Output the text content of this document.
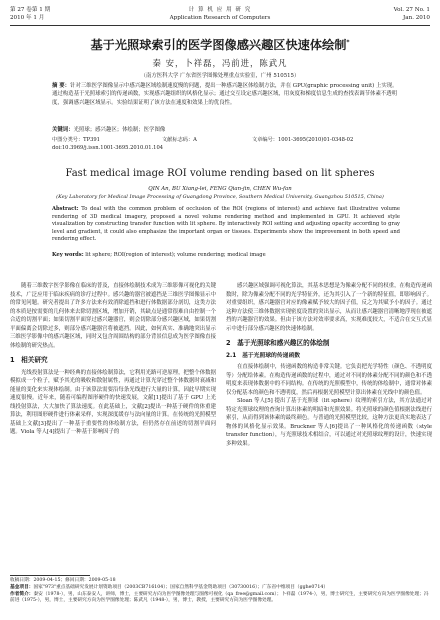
第 27 卷第 1 期
2010 年 1 月
计 算 机 应 用 研 究
Application Research of Computers
Vol. 27 No. 1
Jan. 2010
基于光照球索引的医学图像感兴趣区快速体绘制*
秦 安，卜祥磊，冯前进，陈武凡
（南方医科大学 广东省医学图像处理重点实验室，广州 510515）
摘 要：针对三维医学图像显示中感兴趣区域绘制速度慢的问题，提出一种感兴趣区体绘制方法，并在 GPU(graphic processing unit) 上实现。通过构造基于光照球索引的传递函数，实现感兴趣组织的风格化显示；通过交互设定感兴趣区域，用灰度和梯度信息生成的查找表调节体素不透明度，强调感兴趣区域显示。实验结果证明了该方法在速度和效果上的优良性。
关键词：光照球；感兴趣区；体绘制；医学图像
中图分类号：TP391	文献标志码：A	文章编号：1001-3695(2010)01-0348-02
doi:10.3969/j.issn.1001-3695.2010.01.104
Fast medical image ROI volume rending based on lit spheres
QIN An, BU Xiang-lei, FENG Qian-jin, CHEN Wu-fan
(Key Laboratory for Medical Image Processing of Guangdong Province, Southern Medical University, Guangzhou 510515, China)
Abstract: To deal with the common problem of occlusion of the ROI (regions of interest) and achieve fast illustrative volume rendering of 3D medical imagery, proposed a novel volume rendering method and implemented in GPU. It achieved style visualization by constructing transfer function with lit sphere. By interactively ROI setting and adjusting opacity according to gray level and gradient, it could also emphasize the important organ or tissues. Experiments show the improvement in both speed and rendering effect.
Key words: lit sphere; ROI(region of interest); volume rendering; medical image

随着三维数字医学影像在临床的普及，直接体绘制技术成为三维影像可视化的关键技术，广泛应用于临床疾病的诊疗过程中。感兴趣的器官被遮挡是三维医学图像显示中的常见问题。研究者提出了许多方法来有效消除遮挡和进行体数据部分剖切，这类方法的本质是按需要的几何体来去除切割区域，增加开销，其缺点是通常很难自由控制一个合适的切割平面；如果切割平面穿过感兴趣器官，则会切除部分感兴趣区域，如果切割平面偏离会切除过多，则部分感兴趣器官将被遮挡。因此，如何真实、准确地突出显示三维医学影像中的感兴趣区域，同时又包含周围结构的部分背景信息成为医学图像直接体绘制的研究热点。

1　相关研究

光线投射算法是一种经典的直接体绘制算法，它利用光路可逆原理，把整个体数据模拟成一个粒子，赋予其光的吸收和散射属性，再通过计算光穿过整个体数据时衰减和能量的变化来实现体绘制。由于该算法需要沿每条光线进行大量的计算，因此早期实现速度很慢。近年来，随着可编程图形硬件的快速发展，文献[1]提出了基于 GPU 上光线投射算法，大大加快了算法速度。在此基础上，文献[2]提出一种基于硬件的体重建算法，利用图形硬件进行体素采样，实现深度缓存与法向量的计算。在传统的光照模型基础上文献[3]提出了一种基于重要性的体绘制方法，但仍然存在前述的切割平面问题。Viola 等人[4]提出了一种基于影响因子的

感兴趣区域强调可视化算法，其基本思想是为像素分配不同的权重，在构造传递函数时，除为像素分配不同的光学特征外，还为其引入了一个新的特征值，即影响因子。对重要组织，感兴趣器官对应的像素赋予较大的因子值，反之为其赋予小的因子。通过这种方法使三维体数据实现密度设置的突出显示，从而让感兴趣器官清晰地浮现在被遮挡的兴趣器官的效果。但由于该方法对效率要求高，实现难度较大，不适合在交互式显示中进行部分感兴趣区的快速体绘制。

2　基于光照球和感兴趣区的体绘制
2.1　基于光照球的传递函数

在直接体绘制中，传递函数的构造非常关键。它负责把光学特性（颜色、不透明度等）分配给体素。在构造传递函数的过程中，通过对不同的体素分配不同的颜色和不透明度来表现体数据中的不同结构。在传统的光照模型中，传统的体绘制中，通常对体素仅分配基本的颜色和不透明度，然后再根据光照模型计算出体素在光线中的颜色值。

Sloan 等人[5] 提出了基于光照球（lit sphere）纹理的索引方法，其方法通过对特定光照球纹理的查询计算出体素的明暗和光照效果。将光照球的颜色值根据法线进行索引，从而得到该体素的最终颜色。与普通的光照模型比较，这种方法更真实地表达了物体的风格化显示效果。Bruckner 等人[6]提出了一种风格化的传递函数（style transfer function），与光照球技术相结合，可以通过对光照球纹理的设计，快速实现多种效果。

收稿日期：2009-04-15；修回日期：2009-05-18
基金项目：国家"973"重点基础研究发展计划资助项目（2003CB716104）；国家自然科学基金资助项目（30730016）；广东省中维项目（gghe0714）
作者简介：秦安（1978-），男，山东泰安人，讲师，博士，主要研究方向为医学图像处理与图像可视化（qa_free@gmail.com）；卜祥磊（1974-），男，博士研究生，主要研究方向为医学图像处理；冯前进（1975-），男，博士，主要研究方向为医学图像处理；陈武凡（1948-），男，博士，教授，主要研究方向为医学图像处理。
